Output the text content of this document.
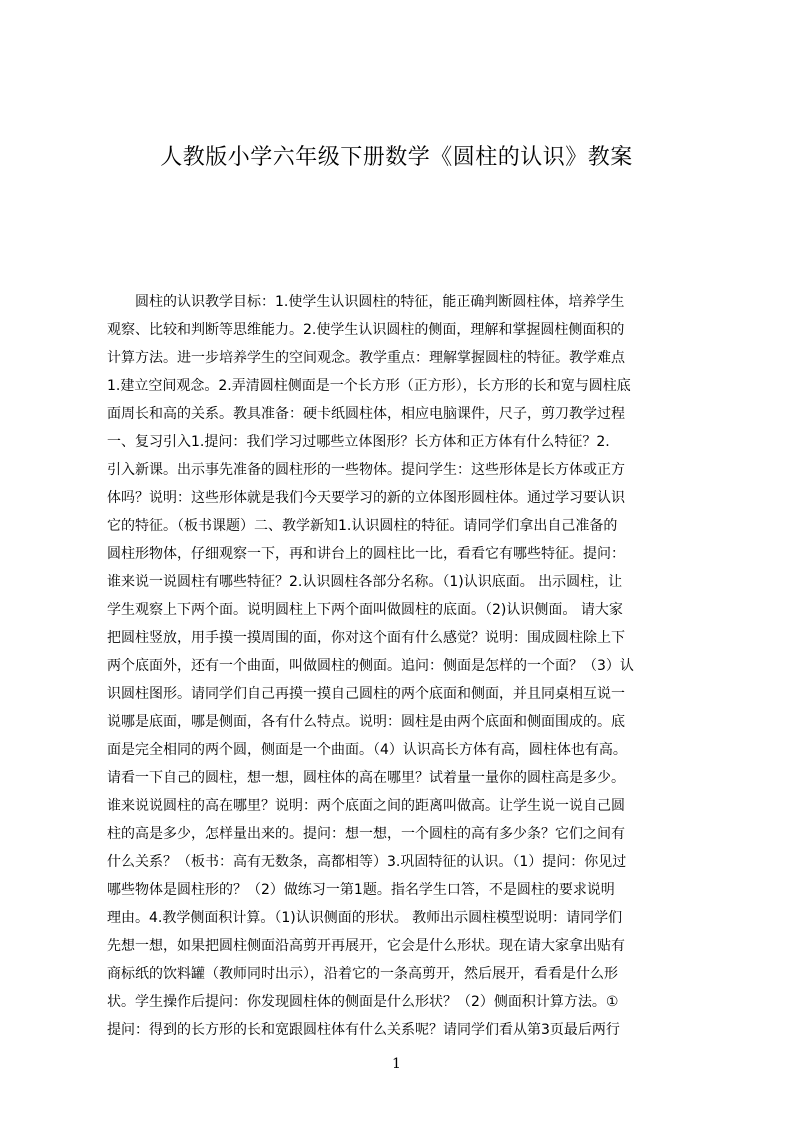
人教版小学六年级下册数学《圆柱的认识》教案
　　圆柱的认识教学目标：1.使学生认识圆柱的特征，能正确判断圆柱体，培养学生
观察、比较和判断等思维能力。2.使学生认识圆柱的侧面，理解和掌握圆柱侧面积的
计算方法。进一步培养学生的空间观念。教学重点：理解掌握圆柱的特征。教学难点
1.建立空间观念。2.弄清圆柱侧面是一个长方形（正方形），长方形的长和宽与圆柱底
面周长和高的关系。教具准备：硬卡纸圆柱体，相应电脑课件，尺子，剪刀教学过程
一、复习引入1.提问：我们学习过哪些立体图形？长方体和正方体有什么特征？2.
引入新课。出示事先准备的圆柱形的一些物体。提问学生：这些形体是长方体或正方
体吗？说明：这些形体就是我们今天要学习的新的立体图形圆柱体。通过学习要认识
它的特征。（板书课题）二、教学新知1.认识圆柱的特征。请同学们拿出自己准备的
圆柱形物体，仔细观察一下，再和讲台上的圆柱比一比，看看它有哪些特征。提问：
谁来说一说圆柱有哪些特征？2.认识圆柱各部分名称。（1)认识底面。 出示圆柱，让
学生观察上下两个面。说明圆柱上下两个面叫做圆柱的底面。（2)认识侧面。 请大家
把圆柱竖放，用手摸一摸周围的面，你对这个面有什么感觉？说明：围成圆柱除上下
两个底面外，还有一个曲面，叫做圆柱的侧面。追问：侧面是怎样的一个面？（3）认
识圆柱图形。请同学们自己再摸一摸自己圆柱的两个底面和侧面，并且同桌相互说一
说哪是底面，哪是侧面，各有什么特点。说明：圆柱是由两个底面和侧面围成的。底
面是完全相同的两个圆，侧面是一个曲面。（4）认识高长方体有高，圆柱体也有高。
请看一下自己的圆柱，想一想，圆柱体的高在哪里？试着量一量你的圆柱高是多少。
谁来说说圆柱的高在哪里？说明：两个底面之间的距离叫做高。让学生说一说自己圆
柱的高是多少，怎样量出来的。提问：想一想，一个圆柱的高有多少条？它们之间有
什么关系？（板书：高有无数条，高都相等）3.巩固特征的认识。（1）提问：你见过
哪些物体是圆柱形的？（2）做练习一第1题。指名学生口答，不是圆柱的要求说明
理由。4.教学侧面积计算。（1)认识侧面的形状。 教师出示圆柱模型说明：请同学们
先想一想，如果把圆柱侧面沿高剪开再展开，它会是什么形状。现在请大家拿出贴有
商标纸的饮料罐（教师同时出示），沿着它的一条高剪开，然后展开，看看是什么形
状。学生操作后提问：你发现圆柱体的侧面是什么形状？（2）侧面积计算方法。①
提问：得到的长方形的长和宽跟圆柱体有什么关系呢？请同学们看从第3页最后两行
1
